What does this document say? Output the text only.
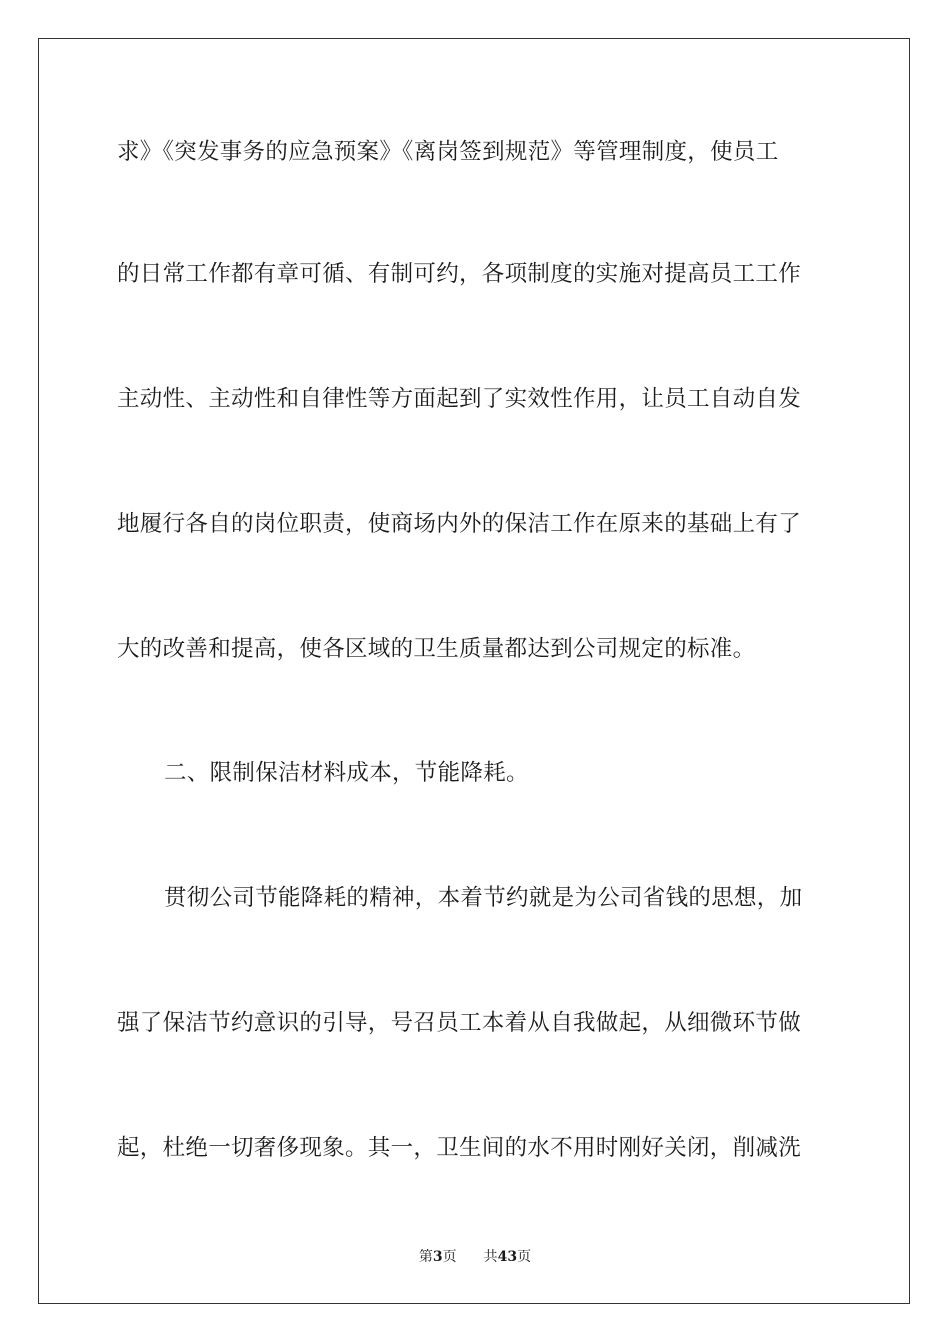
求》《突发事务的应急预案》《离岗签到规范》等管理制度，使员工
的日常工作都有章可循、有制可约，各项制度的实施对提高员工工作
主动性、主动性和自律性等方面起到了实效性作用，让员工自动自发
地履行各自的岗位职责，使商场内外的保洁工作在原来的基础上有了
大的改善和提高，使各区域的卫生质量都达到公司规定的标准。
二、限制保洁材料成本，节能降耗。
贯彻公司节能降耗的精神，本着节约就是为公司省钱的思想，加
强了保洁节约意识的引导，号召员工本着从自我做起，从细微环节做
起，杜绝一切奢侈现象。其一，卫生间的水不用时刚好关闭，削减洗
第3页 共43页
